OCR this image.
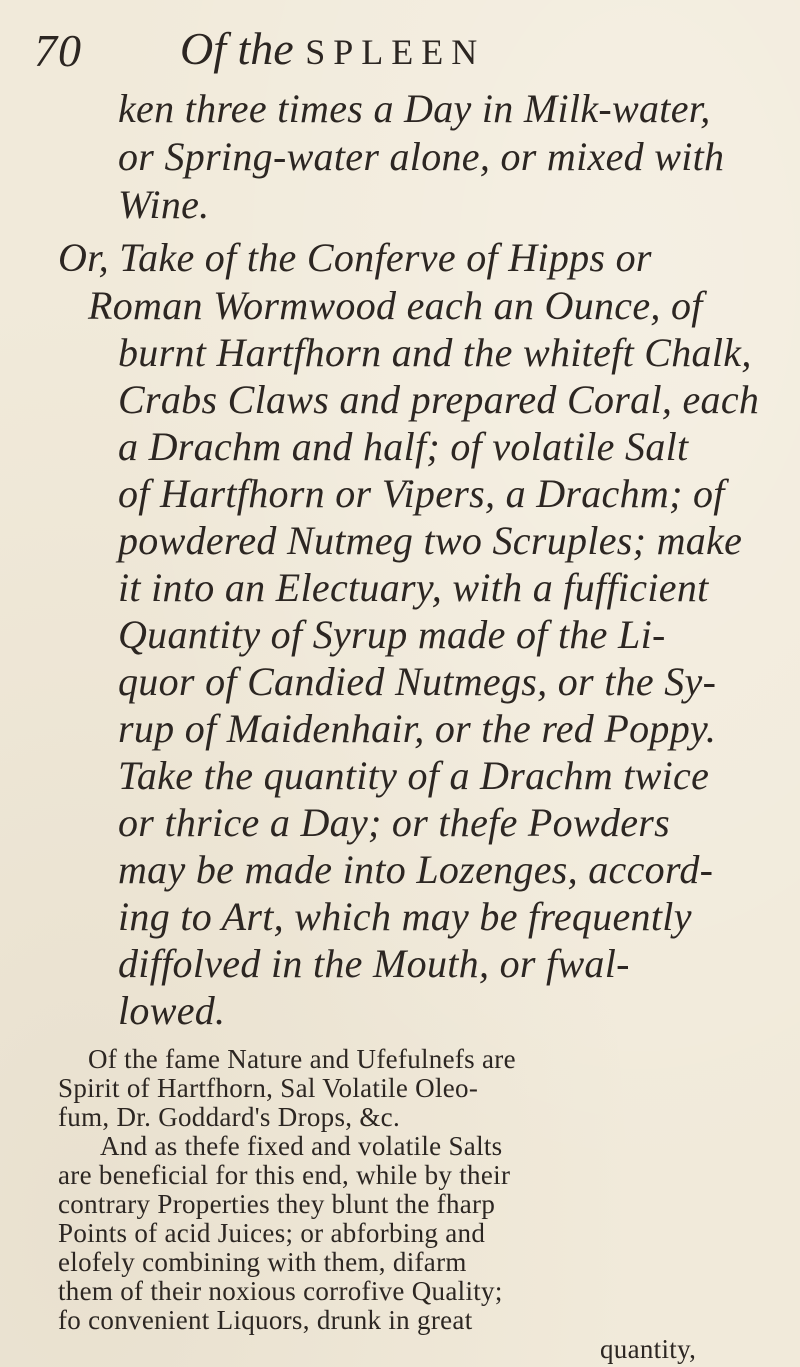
70 Of the SPLEEN
ken three times a Day in Milk-water,
or Spring-water alone, or mixed with
Wine.
Or, Take of the Conferve of Hipps or
Roman Wormwood each an Ounce, of
burnt Hartfhorn and the whiteft Chalk,
Crabs Claws and prepared Coral, each
a Drachm and half; of volatile Salt
of Hartfhorn or Vipers, a Drachm; of
powdered Nutmeg two Scruples; make
it into an Electuary, with a fufficient
Quantity of Syrup made of the Li-
quor of Candied Nutmegs, or the Sy-
rup of Maidenhair, or the red Poppy.
Take the quantity of a Drachm twice
or thrice a Day; or thefe Powders
may be made into Lozenges, accord-
ing to Art, which may be frequently
diffolved in the Mouth, or fwal-
lowed.
Of the fame Nature and Ufefulnefs are
Spirit of Hartfhorn, Sal Volatile Oleo-
fum, Dr. Goddard's Drops, &c.
And as thefe fixed and volatile Salts
are beneficial for this end, while by their
contrary Properties they blunt the fharp
Points of acid Juices; or abforbing and
elofely combining with them, difarm
them of their noxious corrofive Quality;
fo convenient Liquors, drunk in great
quantity,
